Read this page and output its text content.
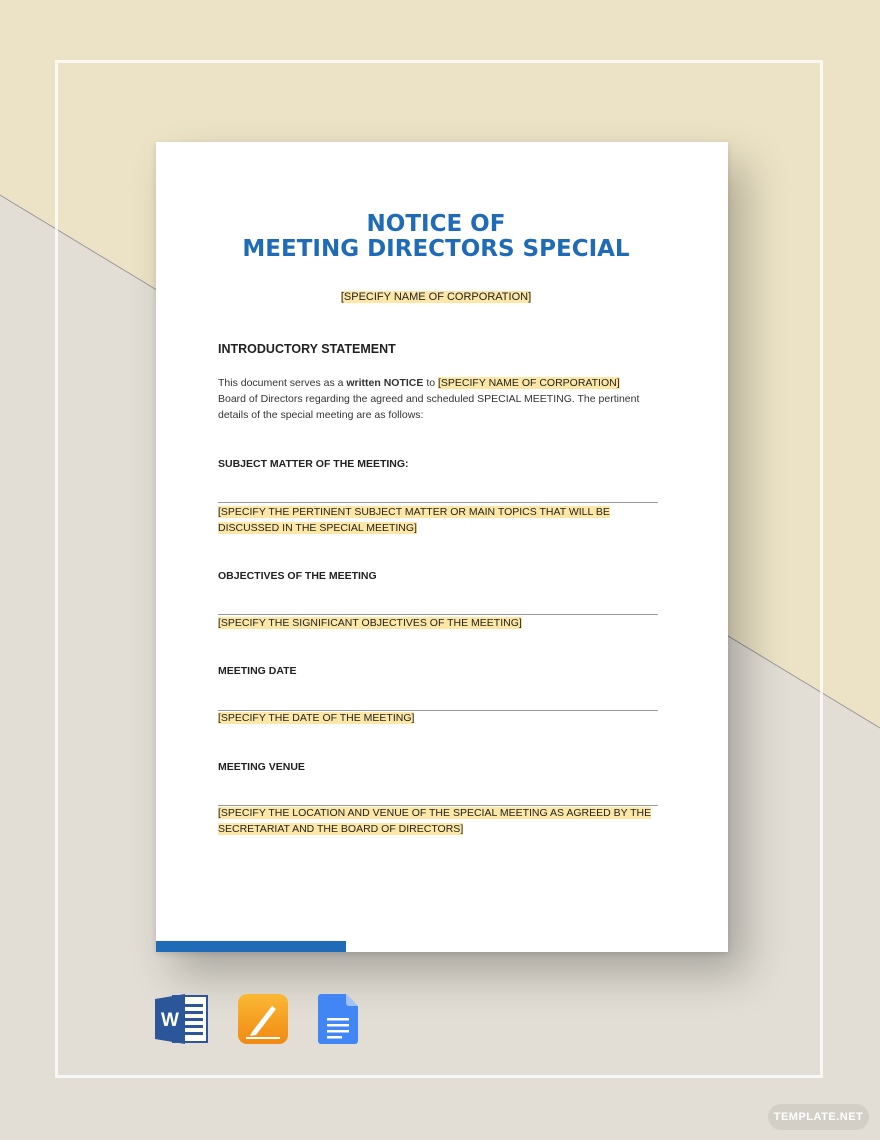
NOTICE OF
MEETING DIRECTORS SPECIAL
[SPECIFY NAME OF CORPORATION]
INTRODUCTORY STATEMENT
This document serves as a written NOTICE to [SPECIFY NAME OF CORPORATION] Board of Directors regarding the agreed and scheduled SPECIAL MEETING. The pertinent details of the special meeting are as follows:
SUBJECT MATTER OF THE MEETING:
[SPECIFY THE PERTINENT SUBJECT MATTER OR MAIN TOPICS THAT WILL BE DISCUSSED IN THE SPECIAL MEETING]
OBJECTIVES OF THE MEETING
[SPECIFY THE SIGNIFICANT OBJECTIVES OF THE MEETING]
MEETING DATE
[SPECIFY THE DATE OF THE MEETING]
MEETING VENUE
[SPECIFY THE LOCATION AND VENUE OF THE SPECIAL MEETING AS AGREED BY THE SECRETARIAT AND THE BOARD OF DIRECTORS]
W
TEMPLATE.NET
